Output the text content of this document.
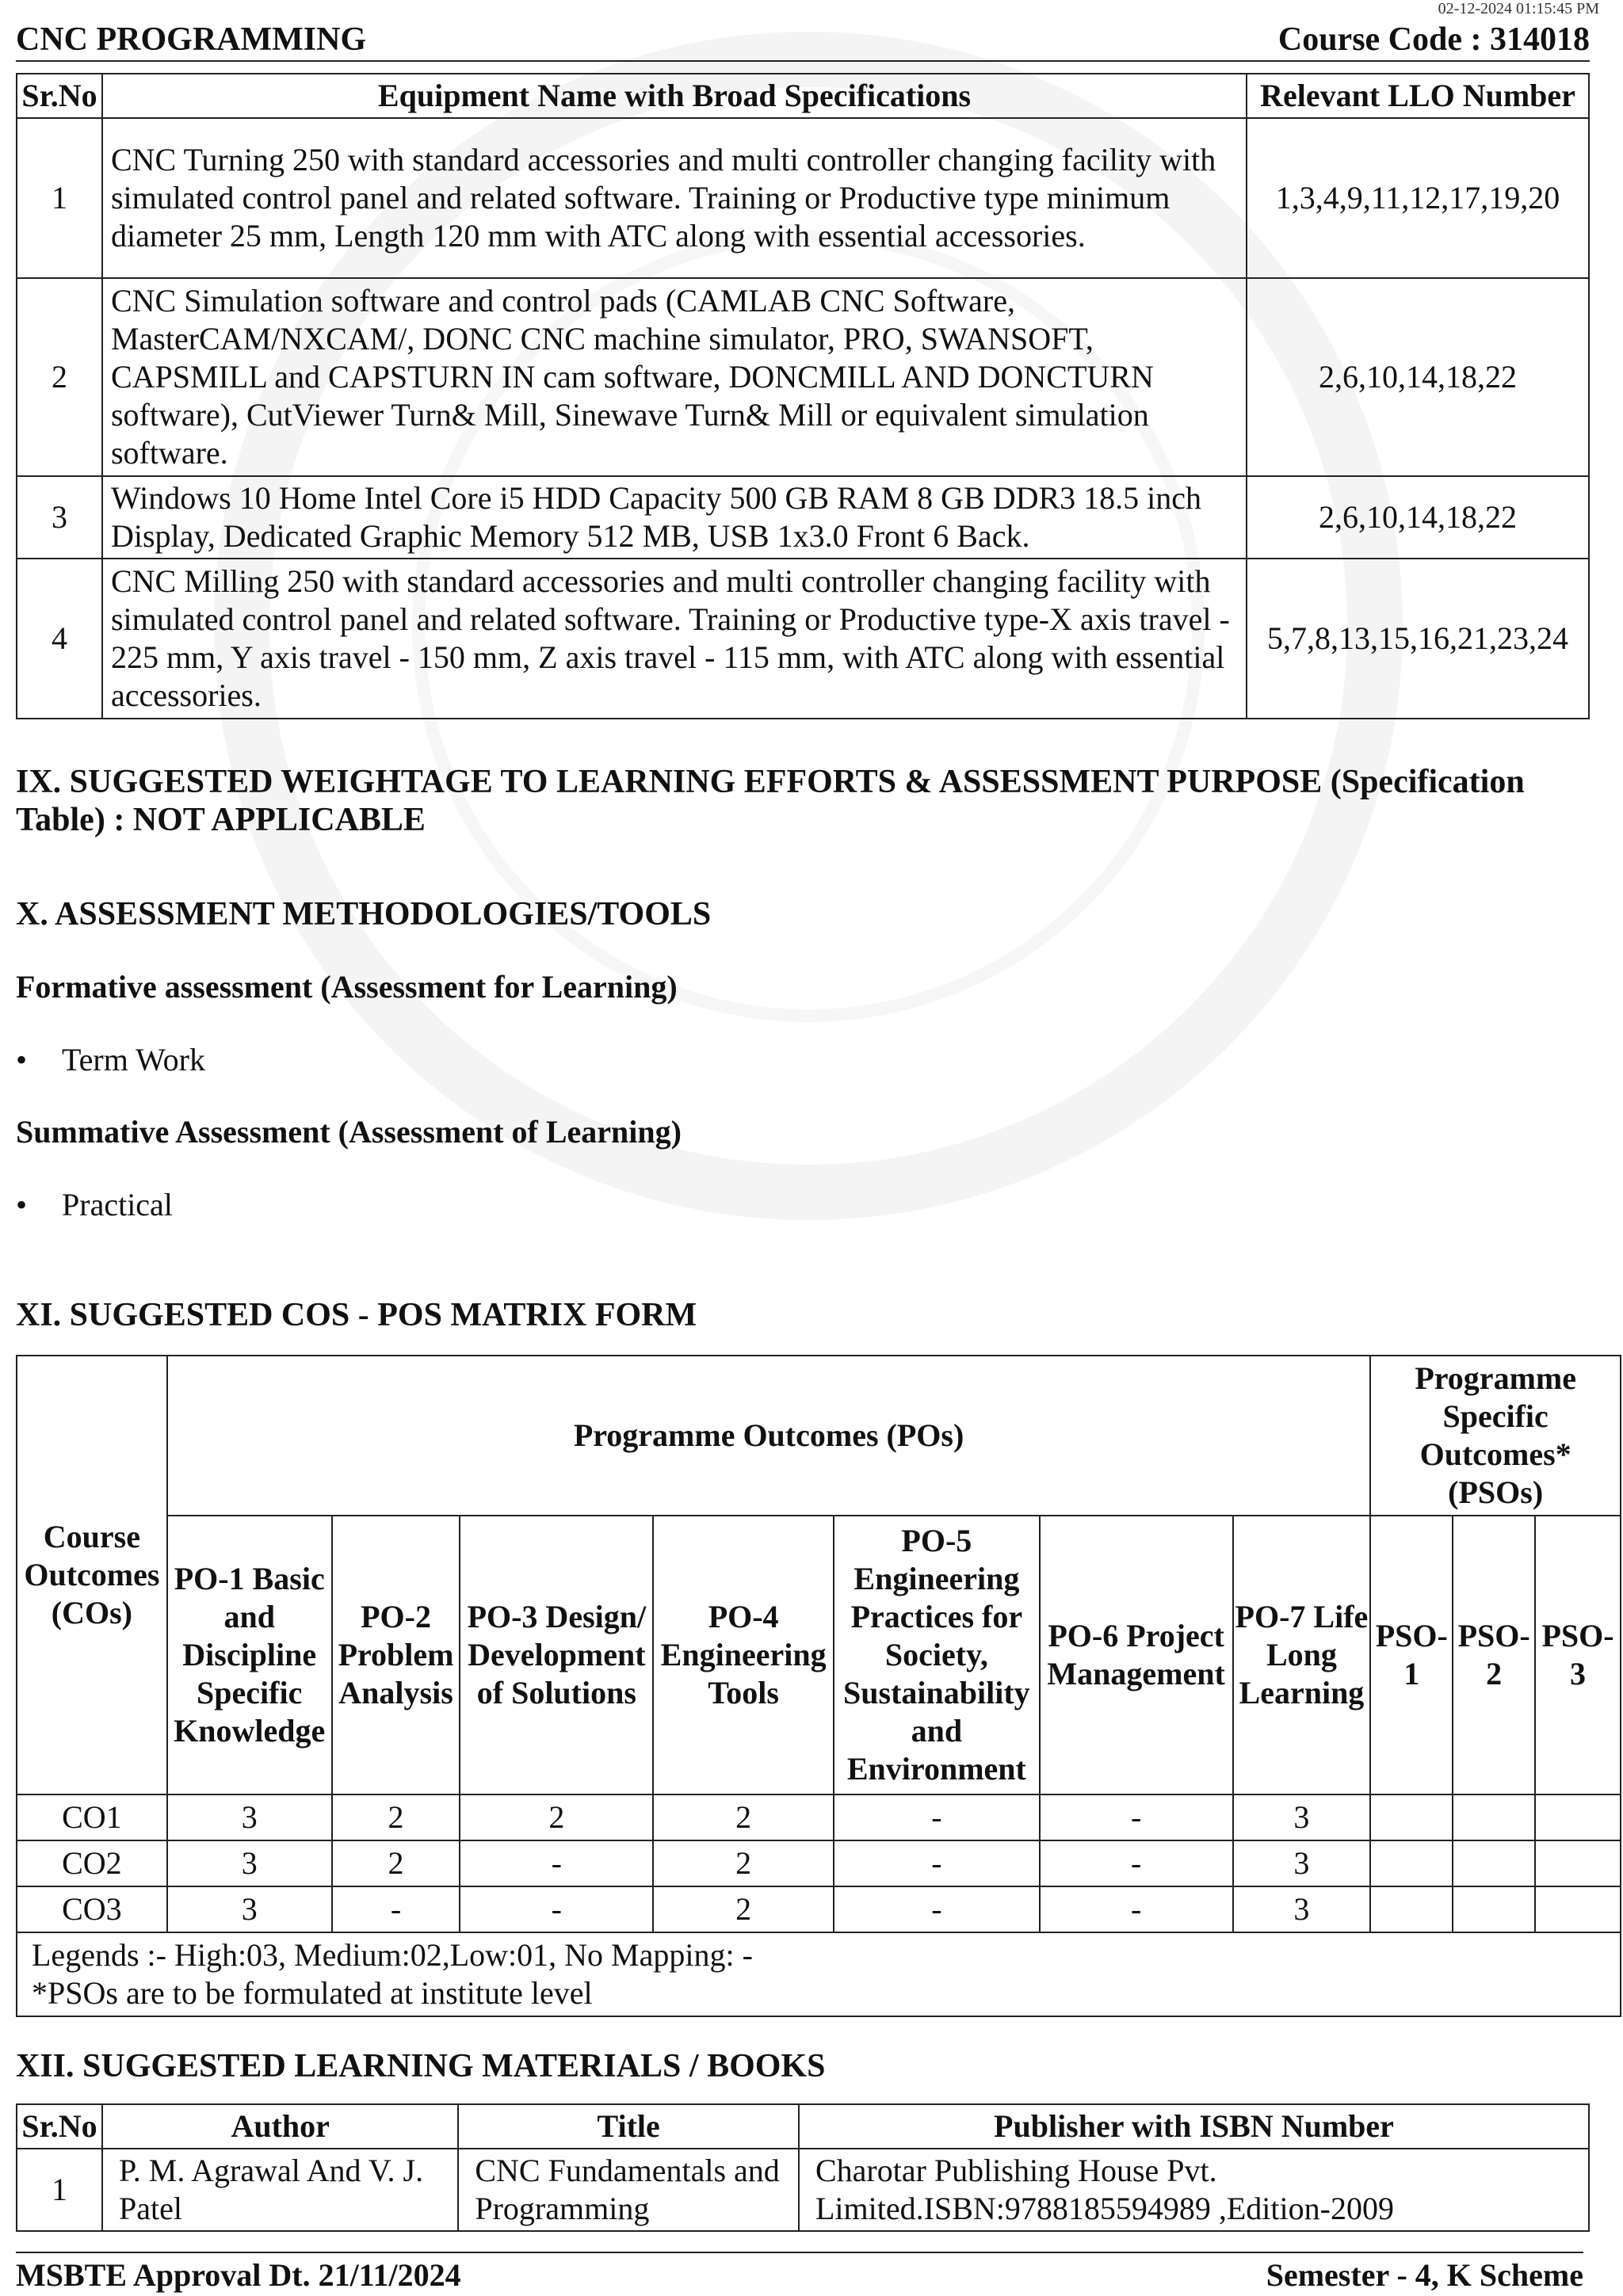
02-12-2024 01:15:45 PM
CNC PROGRAMMING	Course Code : 314018
Sr.No	Equipment Name with Broad Specifications	Relevant LLO Number
1	CNC Turning 250 with standard accessories and multi controller changing facility with simulated control panel and related software. Training or Productive type minimum diameter 25 mm, Length 120 mm with ATC along with essential accessories.	1,3,4,9,11,12,17,19,20
2	CNC Simulation software and control pads (CAMLAB CNC Software, MasterCAM/NXCAM/, DONC CNC machine simulator, PRO, SWANSOFT, CAPSMILL and CAPSTURN IN cam software, DONCMILL AND DONCTURN software), CutViewer Turn& Mill, Sinewave Turn& Mill or equivalent simulation software.	2,6,10,14,18,22
3	Windows 10 Home Intel Core i5 HDD Capacity 500 GB RAM 8 GB DDR3 18.5 inch Display, Dedicated Graphic Memory 512 MB, USB 1x3.0 Front 6 Back.	2,6,10,14,18,22
4	CNC Milling 250 with standard accessories and multi controller changing facility with simulated control panel and related software. Training or Productive type-X axis travel - 225 mm, Y axis travel - 150 mm, Z axis travel - 115 mm, with ATC along with essential accessories.	5,7,8,13,15,16,21,23,24
IX. SUGGESTED WEIGHTAGE TO LEARNING EFFORTS & ASSESSMENT PURPOSE (Specification
Table) : NOT APPLICABLE
X. ASSESSMENT METHODOLOGIES/TOOLS
Formative assessment (Assessment for Learning)
• Term Work
Summative Assessment (Assessment of Learning)
• Practical
XI. SUGGESTED COS - POS MATRIX FORM
Course Outcomes (COs)	Programme Outcomes (POs)							Programme Specific Outcomes* (PSOs)		
	PO-1 Basic and Discipline Specific Knowledge	PO-2 Problem Analysis	PO-3 Design/ Development of Solutions	PO-4 Engineering Tools	PO-5 Engineering Practices for Society, Sustainability and Environment	PO-6 Project Management	PO-7 Life Long Learning	PSO-1	PSO-2	PSO-3
CO1	3	2	2	2	-	-	3			
CO2	3	2	-	2	-	-	3			
CO3	3	-	-	2	-	-	3			

Legends :- High:03, Medium:02,Low:01, No Mapping: -
*PSOs are to be formulated at institute level										
XII. SUGGESTED LEARNING MATERIALS / BOOKS
Sr.No	Author	Title	Publisher with ISBN Number
1	P. M. Agrawal And V. J. Patel	CNC Fundamentals and Programming	Charotar Publishing House Pvt. Limited.ISBN:9788185594989 ,Edition-2009
MSBTE Approval Dt. 21/11/2024	Semester - 4, K Scheme
